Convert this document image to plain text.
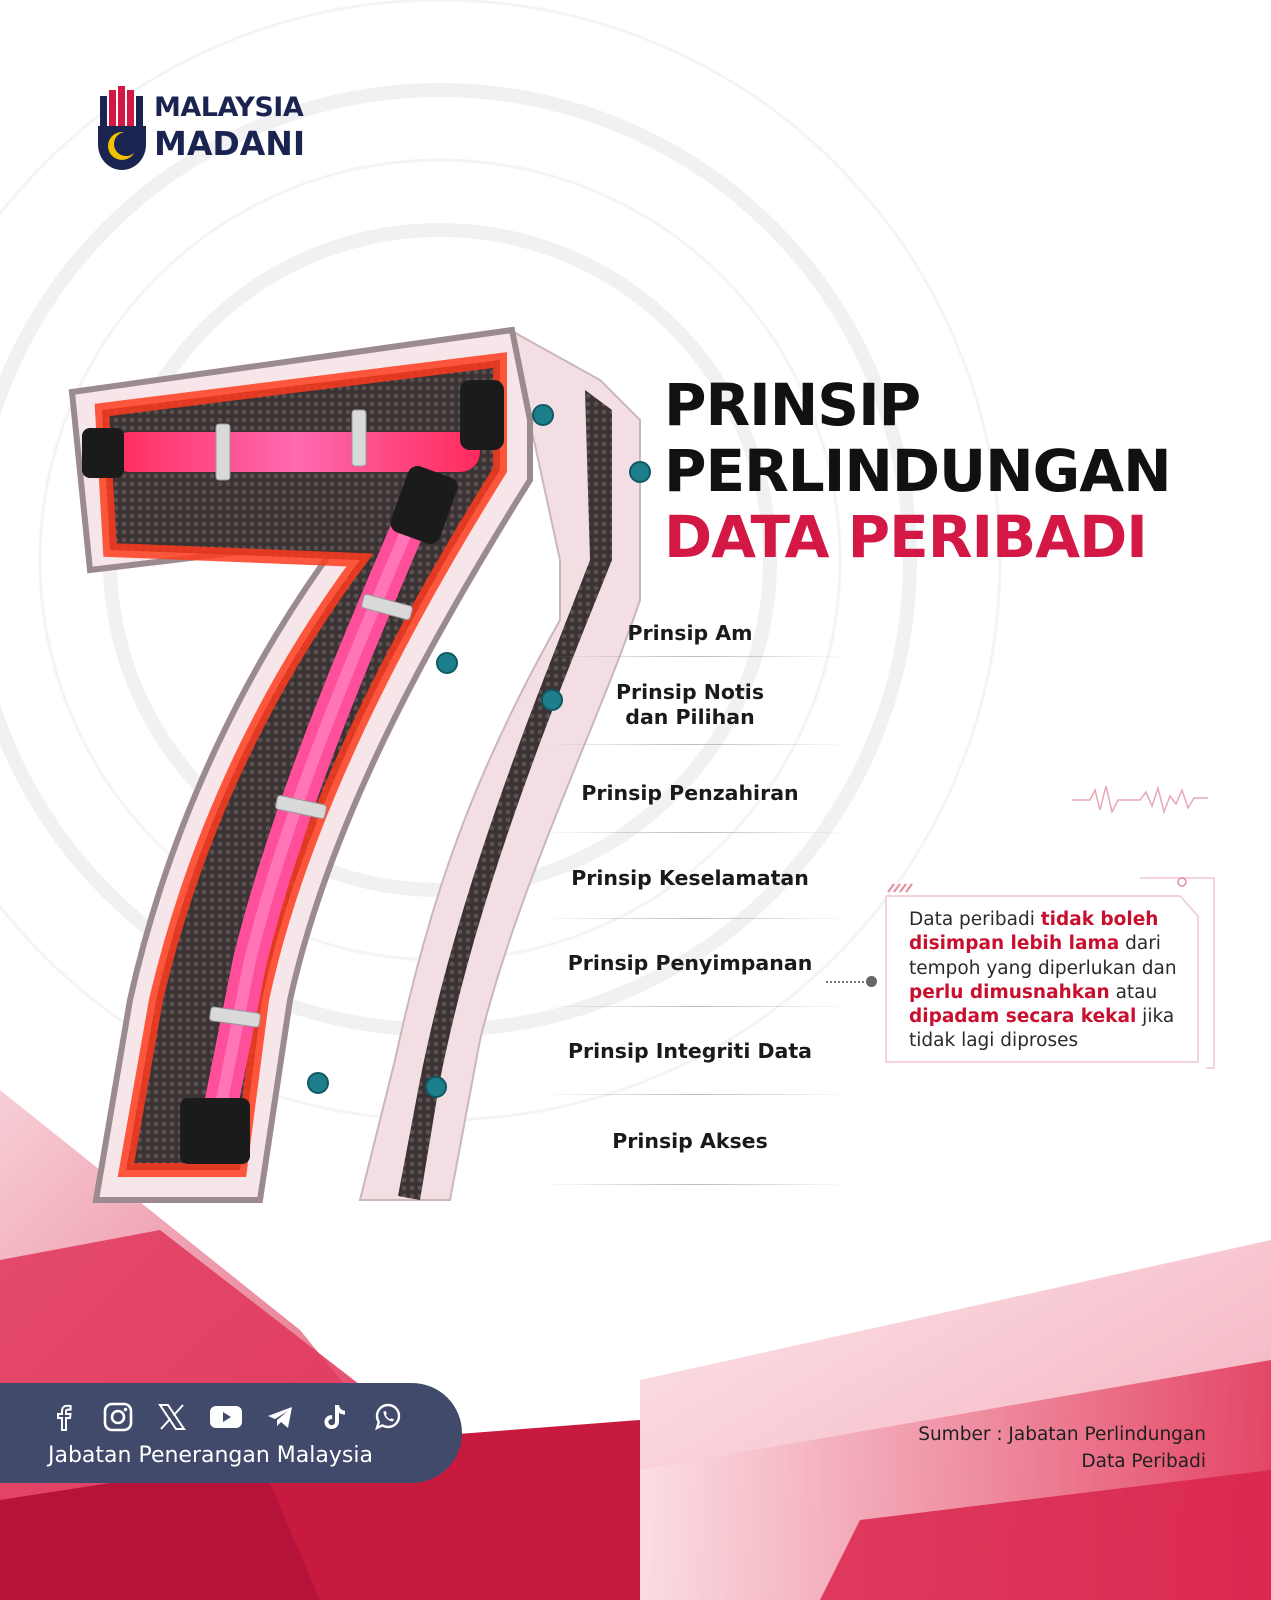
MALAYSIA
MADANI
PRINSIP
PERLINDUNGAN
DATA PERIBADI
Prinsip Am
Prinsip Notis
dan Pilihan
Prinsip Penzahiran
Prinsip Keselamatan
Prinsip Penyimpanan
Prinsip Integriti Data
Prinsip Akses
Data peribadi tidak boleh disimpan lebih lama dari tempoh yang diperlukan dan perlu dimusnahkan atau dipadam secara kekal jika tidak lagi diproses
Jabatan Penerangan Malaysia
Sumber : Jabatan Perlindungan
Data Peribadi
